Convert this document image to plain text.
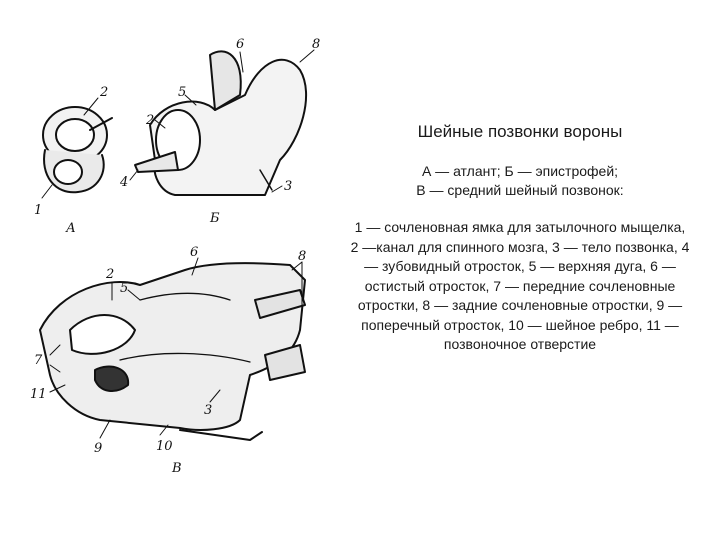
2
1
А
6	8
5
2
4	3
Б
6	8
2
5
7
11
3
9	10
В
Шейные позвонки вороны
А — атлант; Б — эпистрофей;
В — средний шейный позвонок:

1 — сочленовная ямка для затылочного мыщелка, 2 —канал для спинного мозга, 3 — тело позвонка, 4 — зубовидный отросток, 5 — верхняя дуга, 6 — остистый отросток, 7 — передние сочленовные отростки, 8 — задние сочленовные отростки, 9 — поперечный отросток, 10 — шейное ребро, 11 — позвоночное отверстие
